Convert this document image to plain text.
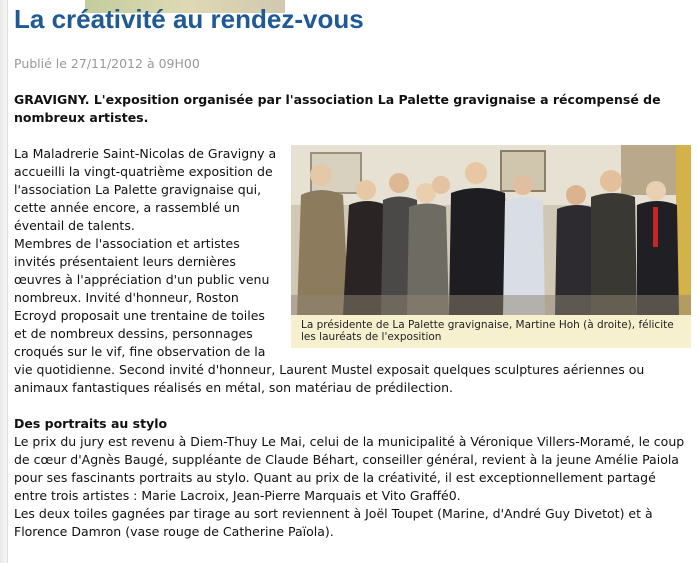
La créativité au rendez-vous
Publié le 27/11/2012 à 09H00

GRAVIGNY. L'exposition organisée par l'association La Palette gravignaise a récompensé de nombreux artistes.

La présidente de La Palette gravignaise, Martine Hoh (à droite), félicite les lauréats de l'exposition

La Maladrerie Saint-Nicolas de Gravigny a accueilli la vingt-quatrième exposition de l'association La Palette gravignaise qui, cette année encore, a rassemblé un éventail de talents.

Membres de l'association et artistes invités présentaient leurs dernières œuvres à l'appréciation d'un public venu nombreux. Invité d'honneur, Roston Ecroyd proposait une trentaine de toiles et de nombreux dessins, personnages croqués sur le vif, fine observation de la vie quotidienne. Second invité d'honneur, Laurent Mustel exposait quelques sculptures aériennes ou animaux fantastiques réalisés en métal, son matériau de prédilection.

Des portraits au stylo

Le prix du jury est revenu à Diem-Thuy Le Mai, celui de la municipalité à Véronique Villers-Moramé, le coup de cœur d'Agnès Baugé, suppléante de Claude Béhart, conseiller général, revient à la jeune Amélie Paiola pour ses fascinants portraits au stylo. Quant au prix de la créativité, il est exceptionnellement partagé entre trois artistes : Marie Lacroix, Jean-Pierre Marquais et Vito Graffé0.

Les deux toiles gagnées par tirage au sort reviennent à Joël Toupet (Marine, d'André Guy Divetot) et à Florence Damron (vase rouge de Catherine Païola).
